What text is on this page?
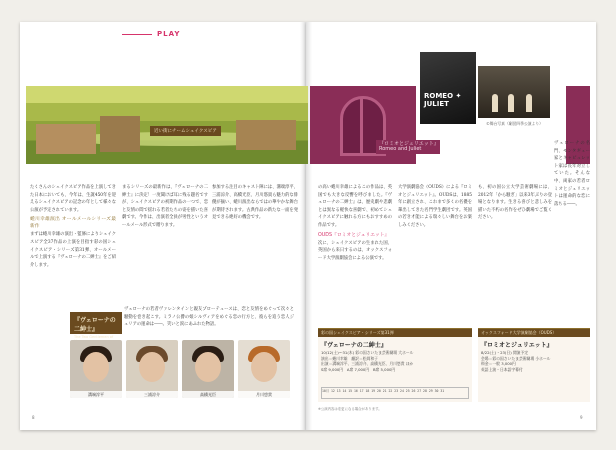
PLAY
近い街にチームシェイクスピア
ROMEO ✦ JULIET
©舞台写真（劇団四季公演より）
『ロミオとジュリエット』
Romeo and Juliet

たくさんのシェイクスピア作品を上演してきた日本においても、今年は、生誕450年を迎えるシェイクスピアの記念の年として様々な公演が予定されています。

蜷川幸雄演出 オールメールシリーズ最新作

まずは蜷川幸雄の演出・監修によりシェイクスピア全37作品の上演を目指す彩の国シェイクスピア・シリーズ第31弾、オールメールで上演する『ヴェローナの二紳士』をご紹介します。

まるシリーズの最新作は、『ヴェローナの二紳士』に決定！一度聞けば耳に残る題名ですが、シェイクスピアの初期作品の一つで、恋と友情の間で揺れる若者たちの姿を描いた喜劇です。今作は、出演者全員が男性というオールメール形式で贈ります。

参加する注目のキャスト陣には、溝端淳平、三浦涼介、高橋光臣、月川悠貴ら魅力的な俳優が揃い、蜷川演出ならではの華やかな舞台が期待されます。古典作品の新たな一面を発見できる絶好の機会です。

『ヴェローナの二紳士』
The Two Gentlemen of

ヴェローナの若者ヴァレンタインと親友プローテュースは、恋と友情をめぐって次々と騒動を巻き起こす。ミラノ公爵の娘シルヴィアをめぐる恋の行方と、彼らを追う恋人ジュリアの運命は――。笑いと涙にあふれた物語。

溝端淳平	三浦涼介	高橋光臣	月川悠貴

の高い蜷川幸雄によるこの作品は、英国でも大きな反響を呼びました。『ヴェローナの二紳士』は、歴史劇や悲劇とは異なる軽快な喜劇で、初めてシェイクスピアに触れる方にもおすすめの作品です。

OUDS『ロミオとジュリエット』

次に、シェイクスピアの生まれた国、英国から来日するのは、オックスフォード大学演劇協会による公演です。

大学演劇協会（OUDS）による『ロミオとジュリエット』。OUDSは、1885年に創立され、これまで多くの名優を輩出してきた名門学生劇団です。英国の若き才能による瑞々しい舞台をお楽しみください。

も、初の国公立大学芸術劇場には、2012年「から騒ぎ」以来3年ぶりの登場となります。生きる喜びと悲しみを描いた不朽の名作をぜひ劇場でご覧ください。

ヴェローナの名門、モンタギュー家とキャピュレット家は長年対立していた。そんな中、両家の若者ロミオとジュリエットは運命的な恋に落ちる――。

彩の国シェイクスピア・シリーズ第31弾
『ヴェローナの二紳士』
10/12(土)〜31(木) 彩の国さいたま芸術劇場 大ホール
演出＝蜷川幸雄　翻訳＝松岡和子
出演＝溝端淳平、三浦涼介、高橋光臣、月川悠貴 ほか
S席 9,000円　A席 7,000円　B席 5,000円
10月 12 13 14 15 16 17 18 19 20 21 22 23 24 25 26 27 28 29 30 31
オックスフォード大学演劇協会（OUDS）
『ロミオとジュリエット』
8/22(土)・23(日) 開演予定
会場＝彩の国さいたま芸術劇場 小ホール
料金＝一般 3,000円
英語上演・日本語字幕付
※公演内容は変更になる場合があります。
8	9
